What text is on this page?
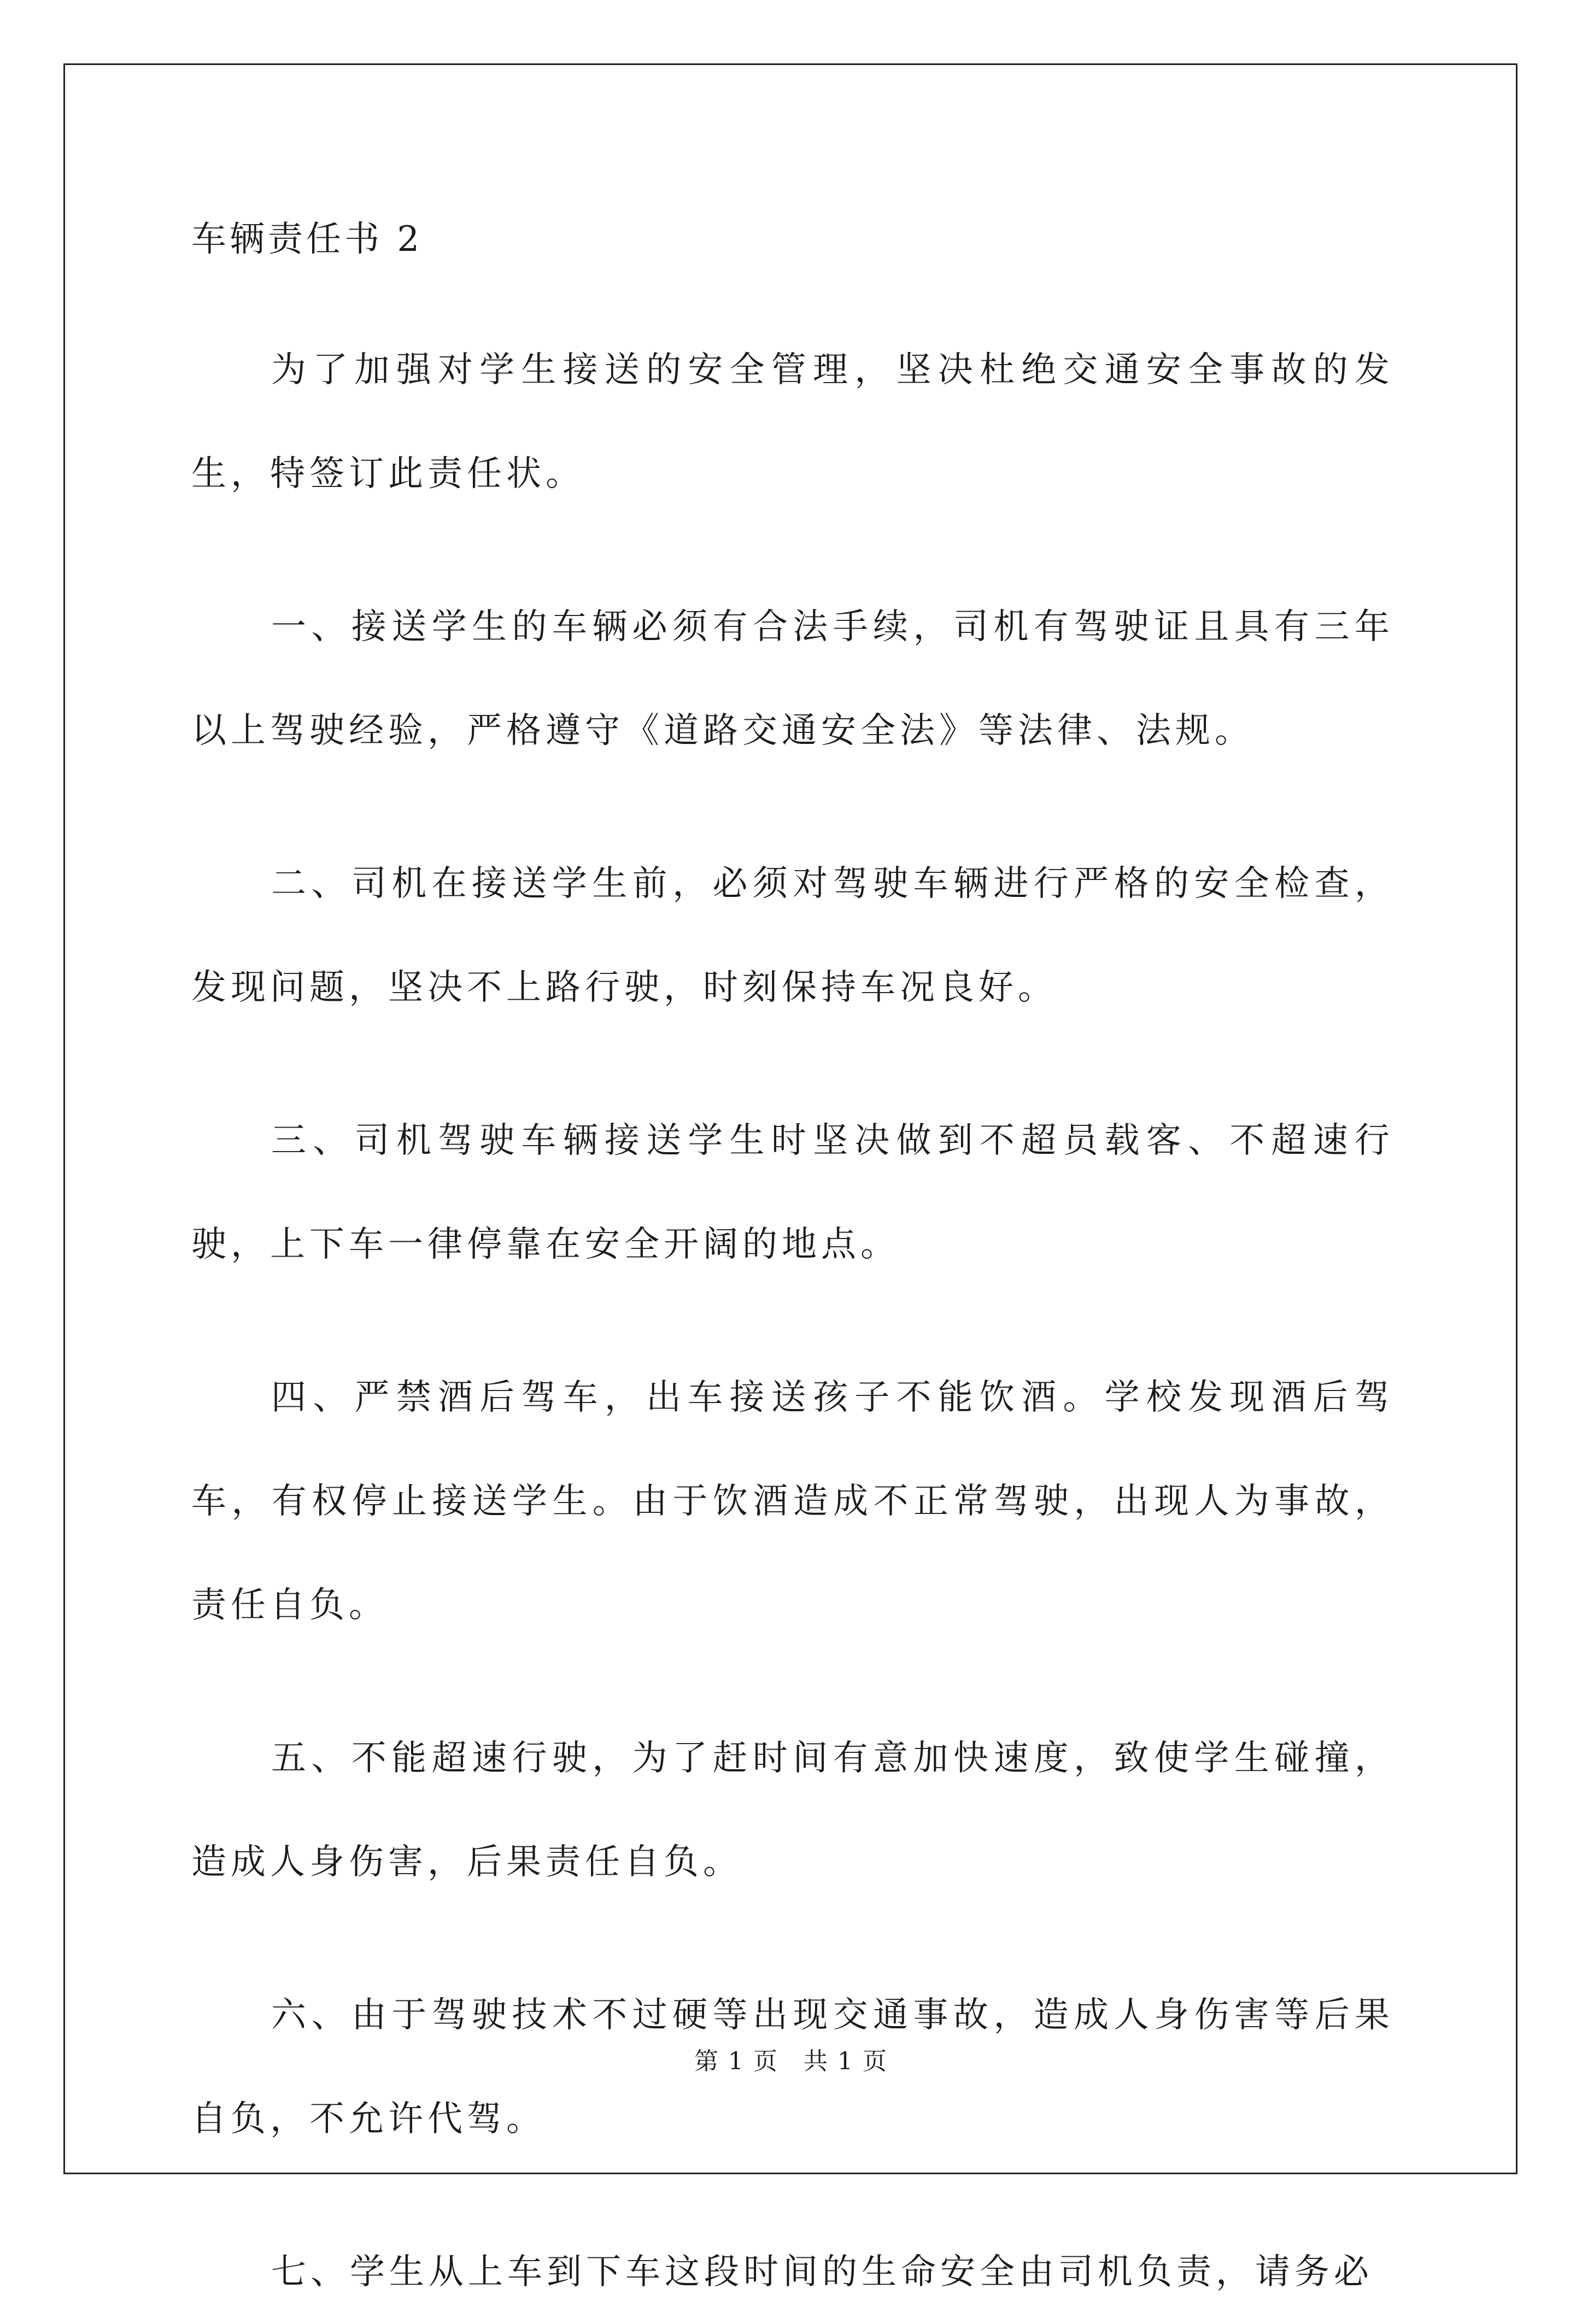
车辆责任书 2

为了加强对学生接送的安全管理，坚决杜绝交通安全事故的发生，特签订此责任状。

一、接送学生的车辆必须有合法手续，司机有驾驶证且具有三年以上驾驶经验，严格遵守《道路交通安全法》等法律、法规。

二、司机在接送学生前，必须对驾驶车辆进行严格的安全检查，发现问题，坚决不上路行驶，时刻保持车况良好。

三、司机驾驶车辆接送学生时坚决做到不超员载客、不超速行驶，上下车一律停靠在安全开阔的地点。

四、严禁酒后驾车，出车接送孩子不能饮酒。学校发现酒后驾车，有权停止接送学生。由于饮酒造成不正常驾驶，出现人为事故，责任自负。

五、不能超速行驶，为了赶时间有意加快速度，致使学生碰撞，造成人身伤害，后果责任自负。

六、由于驾驶技术不过硬等出现交通事故，造成人身伤害等后果自负，不允许代驾。

七、学生从上车到下车这段时间的生命安全由司机负责，请务必

第 1 页　共 1 页
